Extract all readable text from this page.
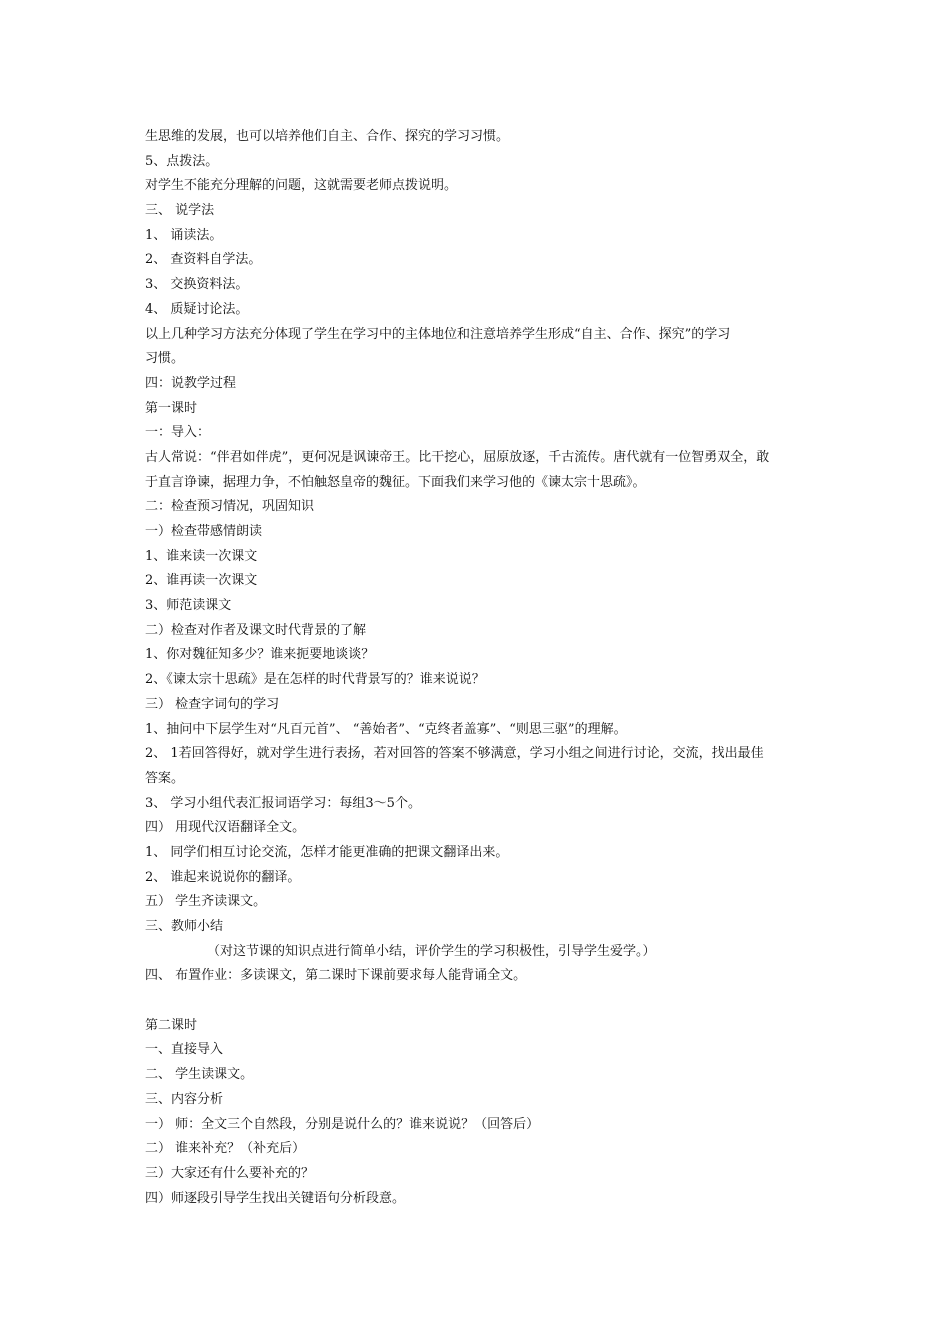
生思维的发展，也可以培养他们自主、合作、探究的学习习惯。
5、点拨法。
对学生不能充分理解的问题，这就需要老师点拨说明。
三、 说学法
1、 诵读法。
2、 查资料自学法。
3、 交换资料法。
4、 质疑讨论法。
以上几种学习方法充分体现了学生在学习中的主体地位和注意培养学生形成“自主、合作、探究”的学习
习惯。
四：说教学过程
第一课时
一：导入：
古人常说：“伴君如伴虎”，更何况是讽谏帝王。比干挖心，屈原放逐，千古流传。唐代就有一位智勇双全，敢
于直言诤谏，据理力争，不怕触怒皇帝的魏征。下面我们来学习他的《谏太宗十思疏》。
二：检查预习情况，巩固知识
一）检查带感情朗读
1、谁来读一次课文
2、谁再读一次课文
3、师范读课文
二）检查对作者及课文时代背景的了解
1、你对魏征知多少？谁来扼要地谈谈？
2、《谏太宗十思疏》是在怎样的时代背景写的？谁来说说？
三） 检查字词句的学习
1、抽问中下层学生对“凡百元首”、 “善始者”、“克终者盖寡”、“则思三驱”的理解。
2、 1若回答得好，就对学生进行表扬，若对回答的答案不够满意，学习小组之间进行讨论，交流，找出最佳
答案。
3、 学习小组代表汇报词语学习：每组3～5个。
四） 用现代汉语翻译全文。
1、 同学们相互讨论交流，怎样才能更准确的把课文翻译出来。
2、 谁起来说说你的翻译。
五） 学生齐读课文。
三、教师小结
（对这节课的知识点进行简单小结，评价学生的学习积极性，引导学生爱学。）
四、 布置作业：多读课文，第二课时下课前要求每人能背诵全文。
第二课时
一、直接导入
二、 学生读课文。
三、内容分析
一） 师：全文三个自然段，分别是说什么的？谁来说说？（回答后）
二） 谁来补充？（补充后）
三）大家还有什么要补充的？
四）师逐段引导学生找出关键语句分析段意。
